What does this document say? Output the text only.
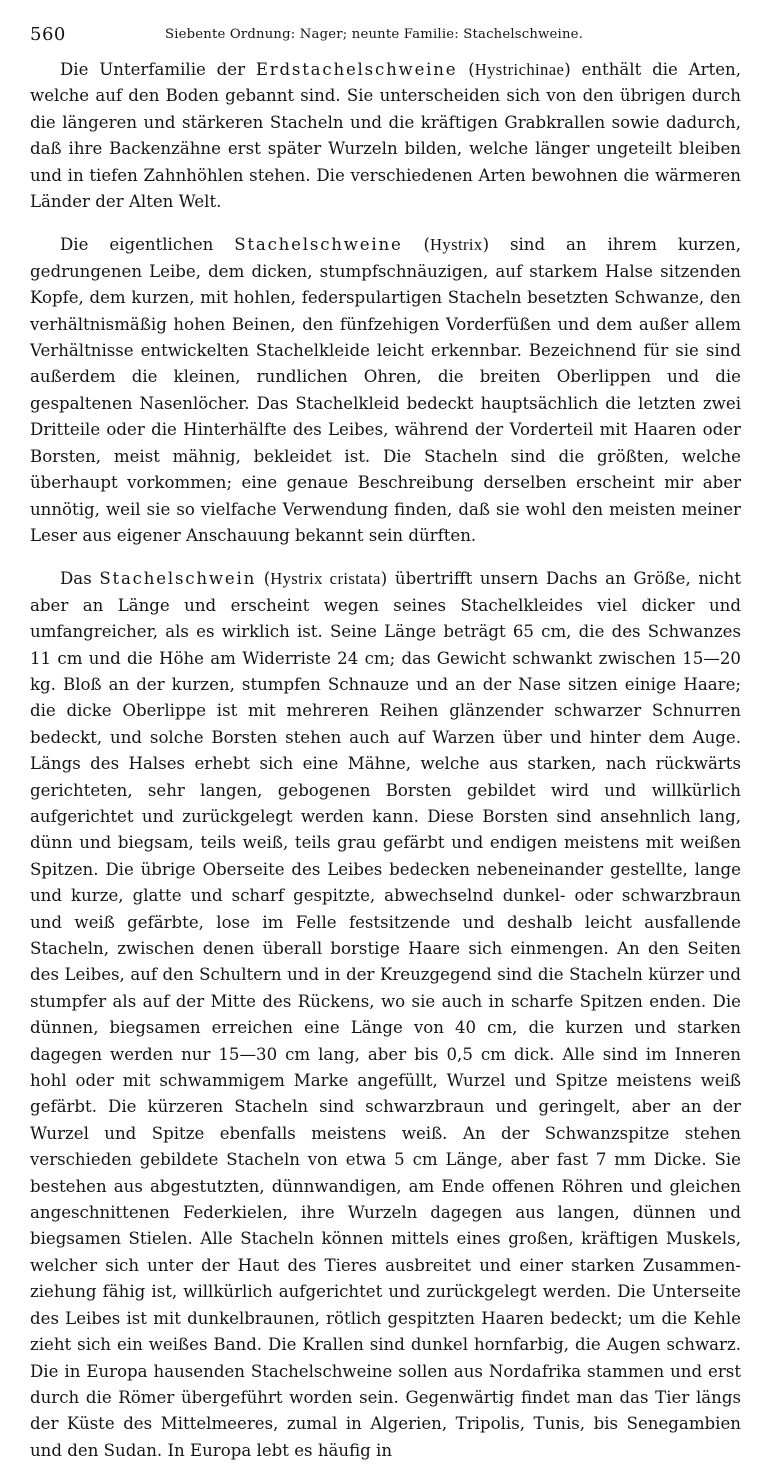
560	Siebente Ordnung: Nager; neunte Familie: Stachelschweine.

Die Unterfamilie der Erdstachelschweine (Hystrichinae) enthält die Arten, welche auf den Boden gebannt sind. Sie unterscheiden sich von den übrigen durch die längeren und stärkeren Stacheln und die kräftigen Grabkrallen sowie dadurch, daß ihre Backenzähne erst später Wurzeln bilden, welche länger ungeteilt bleiben und in tiefen Zahnhöhlen stehen. Die verschiedenen Arten bewohnen die wärmeren Länder der Alten Welt.

Die eigentlichen Stachelschweine (Hystrix) sind an ihrem kurzen, gedrungenen Leibe, dem dicken, stumpfschnäuzigen, auf starkem Halse sitzenden Kopfe, dem kurzen, mit hohlen, federspulartigen Stacheln besetzten Schwanze, den verhältnismäßig hohen Beinen, den fünfzehigen Vorderfüßen und dem außer allem Verhältnisse entwickelten Stachelkleide leicht erkennbar. Bezeichnend für sie sind außerdem die kleinen, rundlichen Ohren, die breiten Oberlippen und die gespaltenen Nasenlöcher. Das Stachelkleid bedeckt hauptsächlich die letzten zwei Dritteile oder die Hinterhälfte des Leibes, während der Vorderteil mit Haaren oder Borsten, meist mähnig, bekleidet ist. Die Stacheln sind die größten, welche überhaupt vorkommen; eine genaue Beschreibung derselben erscheint mir aber unnötig, weil sie so vielfache Verwendung finden, daß sie wohl den meisten meiner Leser aus eigener Anschauung bekannt sein dürften.

Das Stachelschwein (Hystrix cristata) übertrifft unsern Dachs an Größe, nicht aber an Länge und erscheint wegen seines Stachelkleides viel dicker und umfangreicher, als es wirklich ist. Seine Länge beträgt 65 cm, die des Schwanzes 11 cm und die Höhe am Widerriste 24 cm; das Gewicht schwankt zwischen 15—20 kg. Bloß an der kurzen, stumpfen Schnauze und an der Nase sitzen einige Haare; die dicke Oberlippe ist mit mehreren Reihen glänzender schwarzer Schnurren bedeckt, und solche Borsten stehen auch auf Warzen über und hinter dem Auge. Längs des Halses erhebt sich eine Mähne, welche aus starken, nach rückwärts gerichteten, sehr langen, gebogenen Borsten gebildet wird und willkürlich aufgerichtet und zurückgelegt werden kann. Diese Borsten sind ansehnlich lang, dünn und biegsam, teils weiß, teils grau gefärbt und endigen meistens mit weißen Spitzen. Die übrige Oberseite des Leibes bedecken nebeneinander gestellte, lange und kurze, glatte und scharf gespitzte, abwechselnd dunkel- oder schwarzbraun und weiß gefärbte, lose im Felle festsitzende und deshalb leicht ausfallende Stacheln, zwischen denen überall borstige Haare sich einmengen. An den Seiten des Leibes, auf den Schultern und in der Kreuzgegend sind die Stacheln kürzer und stumpfer als auf der Mitte des Rückens, wo sie auch in scharfe Spitzen enden. Die dünnen, biegsamen erreichen eine Länge von 40 cm, die kurzen und starken dagegen werden nur 15—30 cm lang, aber bis 0,5 cm dick. Alle sind im Inneren hohl oder mit schwammigem Marke angefüllt, Wurzel und Spitze meistens weiß gefärbt. Die kürzeren Stacheln sind schwarzbraun und geringelt, aber an der Wurzel und Spitze ebenfalls meistens weiß. An der Schwanzspitze stehen verschieden gebildete Stacheln von etwa 5 cm Länge, aber fast 7 mm Dicke. Sie bestehen aus abgestutzten, dünnwandigen, am Ende offenen Röhren und gleichen angeschnittenen Federkielen, ihre Wurzeln dagegen aus langen, dünnen und biegsamen Stielen. Alle Stacheln können mittels eines großen, kräftigen Muskels, welcher sich unter der Haut des Tieres ausbreitet und einer starken Zusammenziehung fähig ist, willkürlich aufgerichtet und zurückgelegt werden. Die Unterseite des Leibes ist mit dunkelbraunen, rötlich gespitzten Haaren bedeckt; um die Kehle zieht sich ein weißes Band. Die Krallen sind dunkel hornfarbig, die Augen schwarz. Die in Europa hausenden Stachelschweine sollen aus Nordafrika stammen und erst durch die Römer übergeführt worden sein. Gegenwärtig findet man das Tier längs der Küste des Mittelmeeres, zumal in Algerien, Tripolis, Tunis, bis Senegambien und den Sudan. In Europa lebt es häufig in
